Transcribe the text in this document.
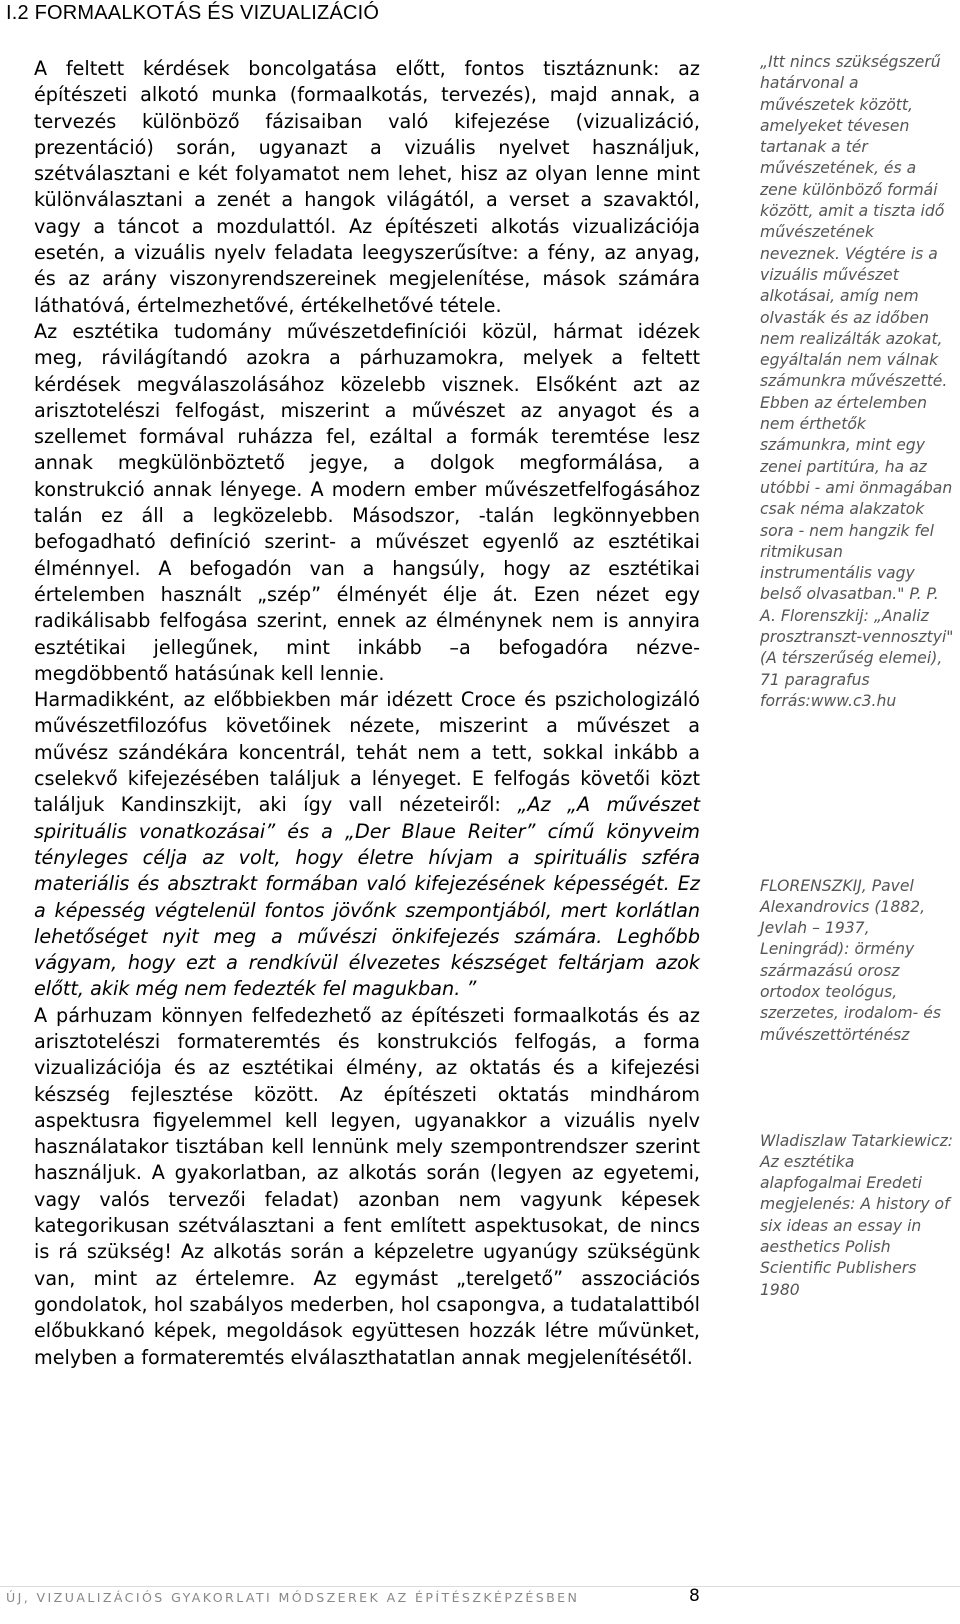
I.2 FORMAALKOTÁS ÉS VIZUALIZÁCIÓ

A feltett kérdések boncolgatása előtt, fontos tisztáznunk: az építészeti alkotó munka (formaalkotás, tervezés), majd annak, a tervezés különböző fázisaiban való kifejezése (vizualizáció, prezentáció) során, ugyanazt a vizuális nyelvet használjuk, szétválasztani e két folyamatot nem lehet, hisz az olyan lenne mint különválasztani a zenét a hangok világától, a verset a szavaktól, vagy a táncot a mozdulattól. Az építészeti alkotás vizualizációja esetén, a vizuális nyelv feladata leegyszerűsítve: a fény, az anyag, és az arány viszonyrendszereinek megjelenítése, mások számára láthatóvá, értelmezhetővé, értékelhetővé tétele.

Az esztétika tudomány művészetdefiníciói közül, hármat idézek meg, rávilágítandó azokra a párhuzamokra, melyek a feltett kérdések megválaszolásához közelebb visznek. Elsőként azt az arisztotelészi felfogást, miszerint a művészet az anyagot és a szellemet formával ruházza fel, ezáltal a formák teremtése lesz annak megkülönböztető jegye, a dolgok megformálása, a konstrukció annak lényege. A modern ember művészetfelfogásához talán ez áll a legközelebb. Másodszor, -talán legkönnyebben befogadható definíció szerint- a művészet egyenlő az esztétikai élménnyel. A befogadón van a hangsúly, hogy az esztétikai értelemben használt „szép” élményét élje át. Ezen nézet egy radikálisabb felfogása szerint, ennek az élménynek nem is annyira esztétikai jellegűnek, mint inkább –a befogadóra nézve-megdöbbentő hatásúnak kell lennie.

Harmadikként, az előbbiekben már idézett Croce és pszichologizáló művészetfilozófus követőinek nézete, miszerint a művészet a művész szándékára koncentrál, tehát nem a tett, sokkal inkább a cselekvő kifejezésében találjuk a lényeget. E felfogás követői közt találjuk Kandinszkijt, aki így vall nézeteiről: „Az „A művészet spirituális vonatkozásai” és a „Der Blaue Reiter” című könyveim tényleges célja az volt, hogy életre hívjam a spirituális szféra materiális és absztrakt formában való kifejezésének képességét. Ez a képesség végtelenül fontos jövőnk szempontjából, mert korlátlan lehetőséget nyit meg a művészi önkifejezés számára. Leghőbb vágyam, hogy ezt a rendkívül élvezetes készséget feltárjam azok előtt, akik még nem fedezték fel magukban. ”

A párhuzam könnyen felfedezhető az építészeti formaalkotás és az arisztotelészi formateremtés és konstrukciós felfogás, a forma vizualizációja és az esztétikai élmény, az oktatás és a kifejezési készség fejlesztése között. Az építészeti oktatás mindhárom aspektusra figyelemmel kell legyen, ugyanakkor a vizuális nyelv használatakor tisztában kell lennünk mely szempontrendszer szerint használjuk. A gyakorlatban, az alkotás során (legyen az egyetemi, vagy valós tervezői feladat) azonban nem vagyunk képesek kategorikusan szétválasztani a fent említett aspektusokat, de nincs is rá szükség! Az alkotás során a képzeletre ugyanúgy szükségünk van, mint az értelemre. Az egymást „terelgető” asszociációs gondolatok, hol szabályos mederben, hol csapongva, a tudatalattiból előbukkanó képek, megoldások együttesen hozzák létre művünket, melyben a formateremtés elválaszthatatlan annak megjelenítésétől.

„Itt nincs szükségszerű határvonal a művészetek között, amelyeket tévesen tartanak a tér művészetének, és a zene különböző formái között, amit a tiszta idő művészetének neveznek. Végtére is a vizuális művészet alkotásai, amíg nem olvasták és az időben nem realizálták azokat, egyáltalán nem válnak számunkra művészetté. Ebben az értelemben nem érthetők számunkra, mint egy zenei partitúra, ha az utóbbi - ami önmagában csak néma alakzatok sora - nem hangzik fel ritmikusan instrumentális vagy belső olvasatban." P. P. A. Florenszkij: „Analiz prosztranszt-vennosztyi" (A térszerűség elemei), 71 paragrafus forrás:www.c3.hu

FLORENSZKIJ, Pavel Alexandrovics (1882, Jevlah – 1937, Leningrád): örmény származású orosz ortodox teológus, szerzetes, irodalom- és művészettörténész

Wladiszlaw Tatarkiewicz: Az esztétika alapfogalmai Eredeti megjelenés: A history of six ideas an essay in aesthetics Polish Scientific Publishers 1980

ÚJ, VIZUALIZÁCIÓS GYAKORLATI MÓDSZEREK AZ ÉPÍTÉSZKÉPZÉSBEN	8
